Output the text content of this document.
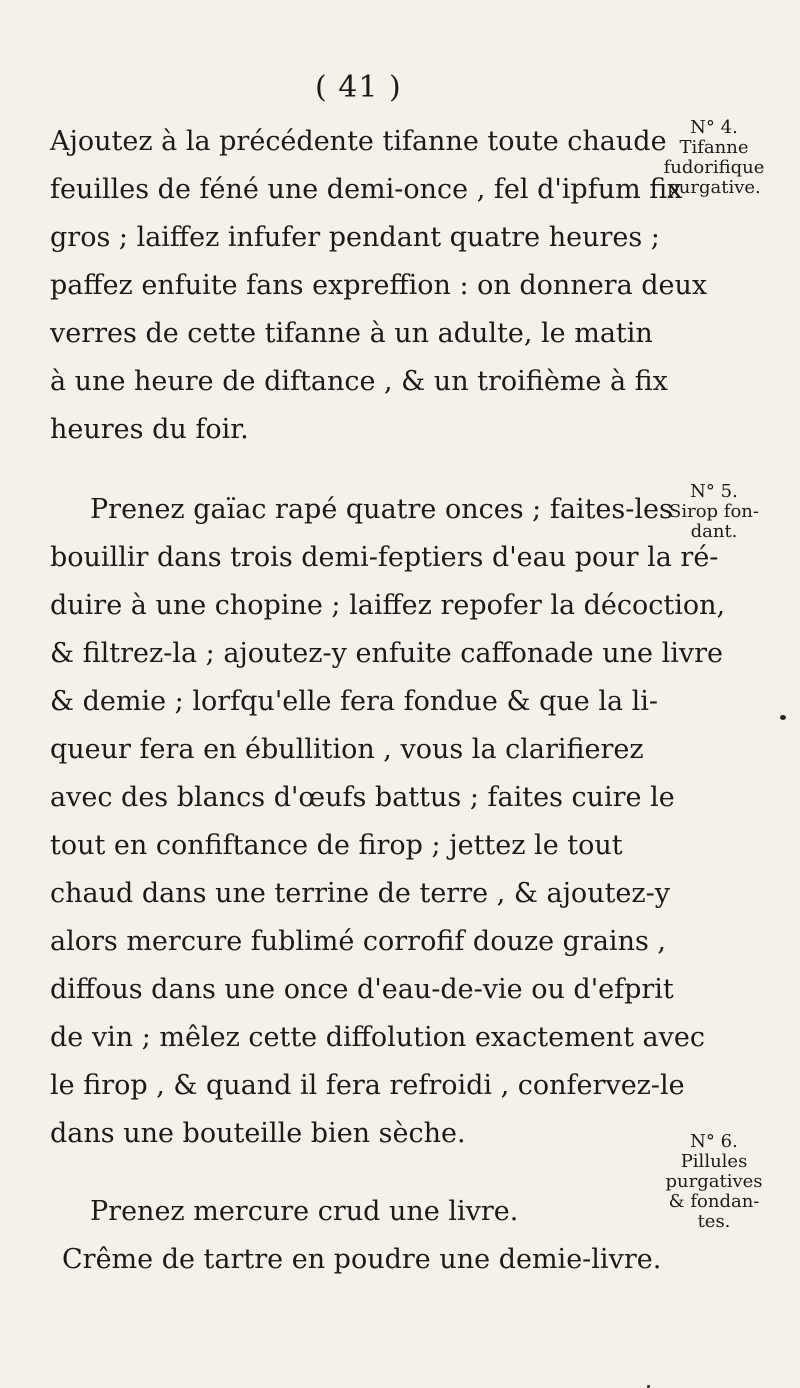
( 41 )
Ajoutez à la précédente tifanne toute chaude
feuilles de féné une demi-once , fel d'ipfum fix
gros ; laiffez infufer pendant quatre heures ;
paffez enfuite fans expreffion : on donnera deux
verres de cette tifanne à un adulte, le matin
à une heure de diftance , & un troifième à fix
heures du foir.
Prenez gaïac rapé quatre onces ; faites-les
bouillir dans trois demi-feptiers d'eau pour la ré-
duire à une chopine ; laiffez repofer la décoction,
& filtrez-la ; ajoutez-y enfuite caffonade une livre
& demie ; lorfqu'elle fera fondue & que la li-
queur fera en ébullition , vous la clarifierez
avec des blancs d'œufs battus ; faites cuire le
tout en confiftance de firop ; jettez le tout
chaud dans une terrine de terre , & ajoutez-y
alors mercure fublimé corrofif douze grains ,
diffous dans une once d'eau-de-vie ou d'efprit
de vin ; mêlez cette diffolution exactement avec
le firop , & quand il fera refroidi , confervez-le
dans une bouteille bien sèche.
Prenez mercure crud une livre.
Crême de tartre en poudre une demie-livre.
N° 4.
Tifanne
fudorifique
purgative.
N° 5.
Sirop fon-
dant.
N° 6.
Pillules
purgatives
& fondan-
tes.
